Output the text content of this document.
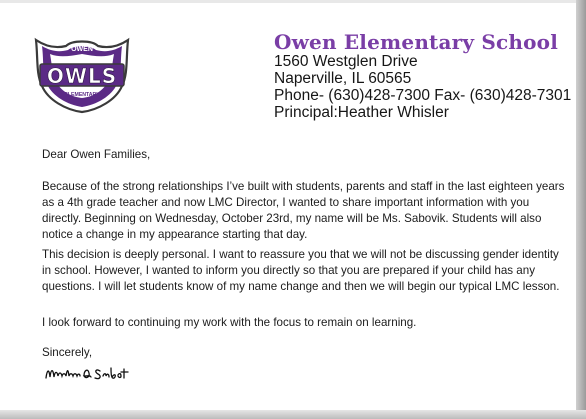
OWEN
OWLS
ELEMENTARY
Owen Elementary School
1560 Westglen Drive
Naperville, IL 60565
Phone- (630)428-7300 Fax- (630)428-7301
Principal:Heather Whisler
Dear Owen Families,
Because of the strong relationships I’ve built with students, parents and staff in the last eighteen years
as a 4th grade teacher and now LMC Director, I wanted to share important information with you
directly. Beginning on Wednesday, October 23rd, my name will be Ms. Sabovik. Students will also
notice a change in my appearance starting that day.
This decision is deeply personal. I want to reassure you that we will not be discussing gender identity
in school. However, I wanted to inform you directly so that you are prepared if your child has any
questions. I will let students know of my name change and then we will begin our typical LMC lesson.
I look forward to continuing my work with the focus to remain on learning.
Sincerely,
